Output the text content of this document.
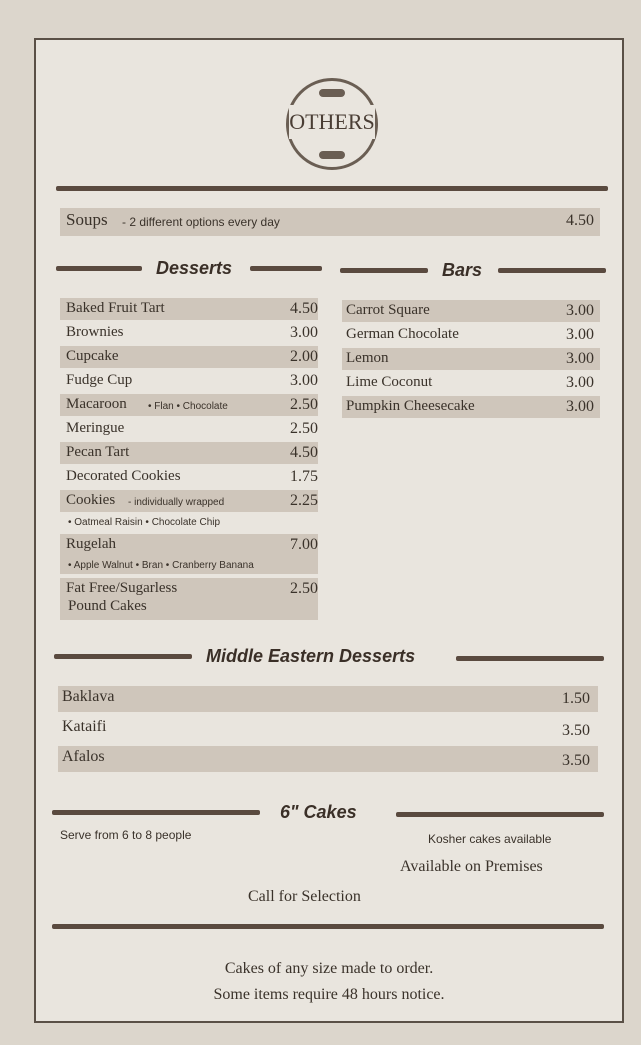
OTHERS
Soups - 2 different options every day	4.50
Desserts	Bars
Baked Fruit Tart	4.50
Brownies	3.00
Cupcake	2.00
Fudge Cup	3.00
Macaroon • Flan • Chocolate	2.50
Meringue	2.50
Pecan Tart	4.50
Decorated Cookies	1.75
Cookies - individually wrapped	2.25
• Oatmeal Raisin • Chocolate Chip
Rugelah	7.00
• Apple Walnut • Bran • Cranberry Banana
Fat Free/Sugarless	2.50
Pound Cakes
Carrot Square	3.00
German Chocolate	3.00
Lemon	3.00
Lime Coconut	3.00
Pumpkin Cheesecake	3.00
Middle Eastern Desserts
Baklava	1.50
Kataifi	3.50
Afalos	3.50
6" Cakes
Serve from 6 to 8 people	Kosher cakes available
Available on Premises
Call for Selection
Cakes of any size made to order.
Some items require 48 hours notice.
